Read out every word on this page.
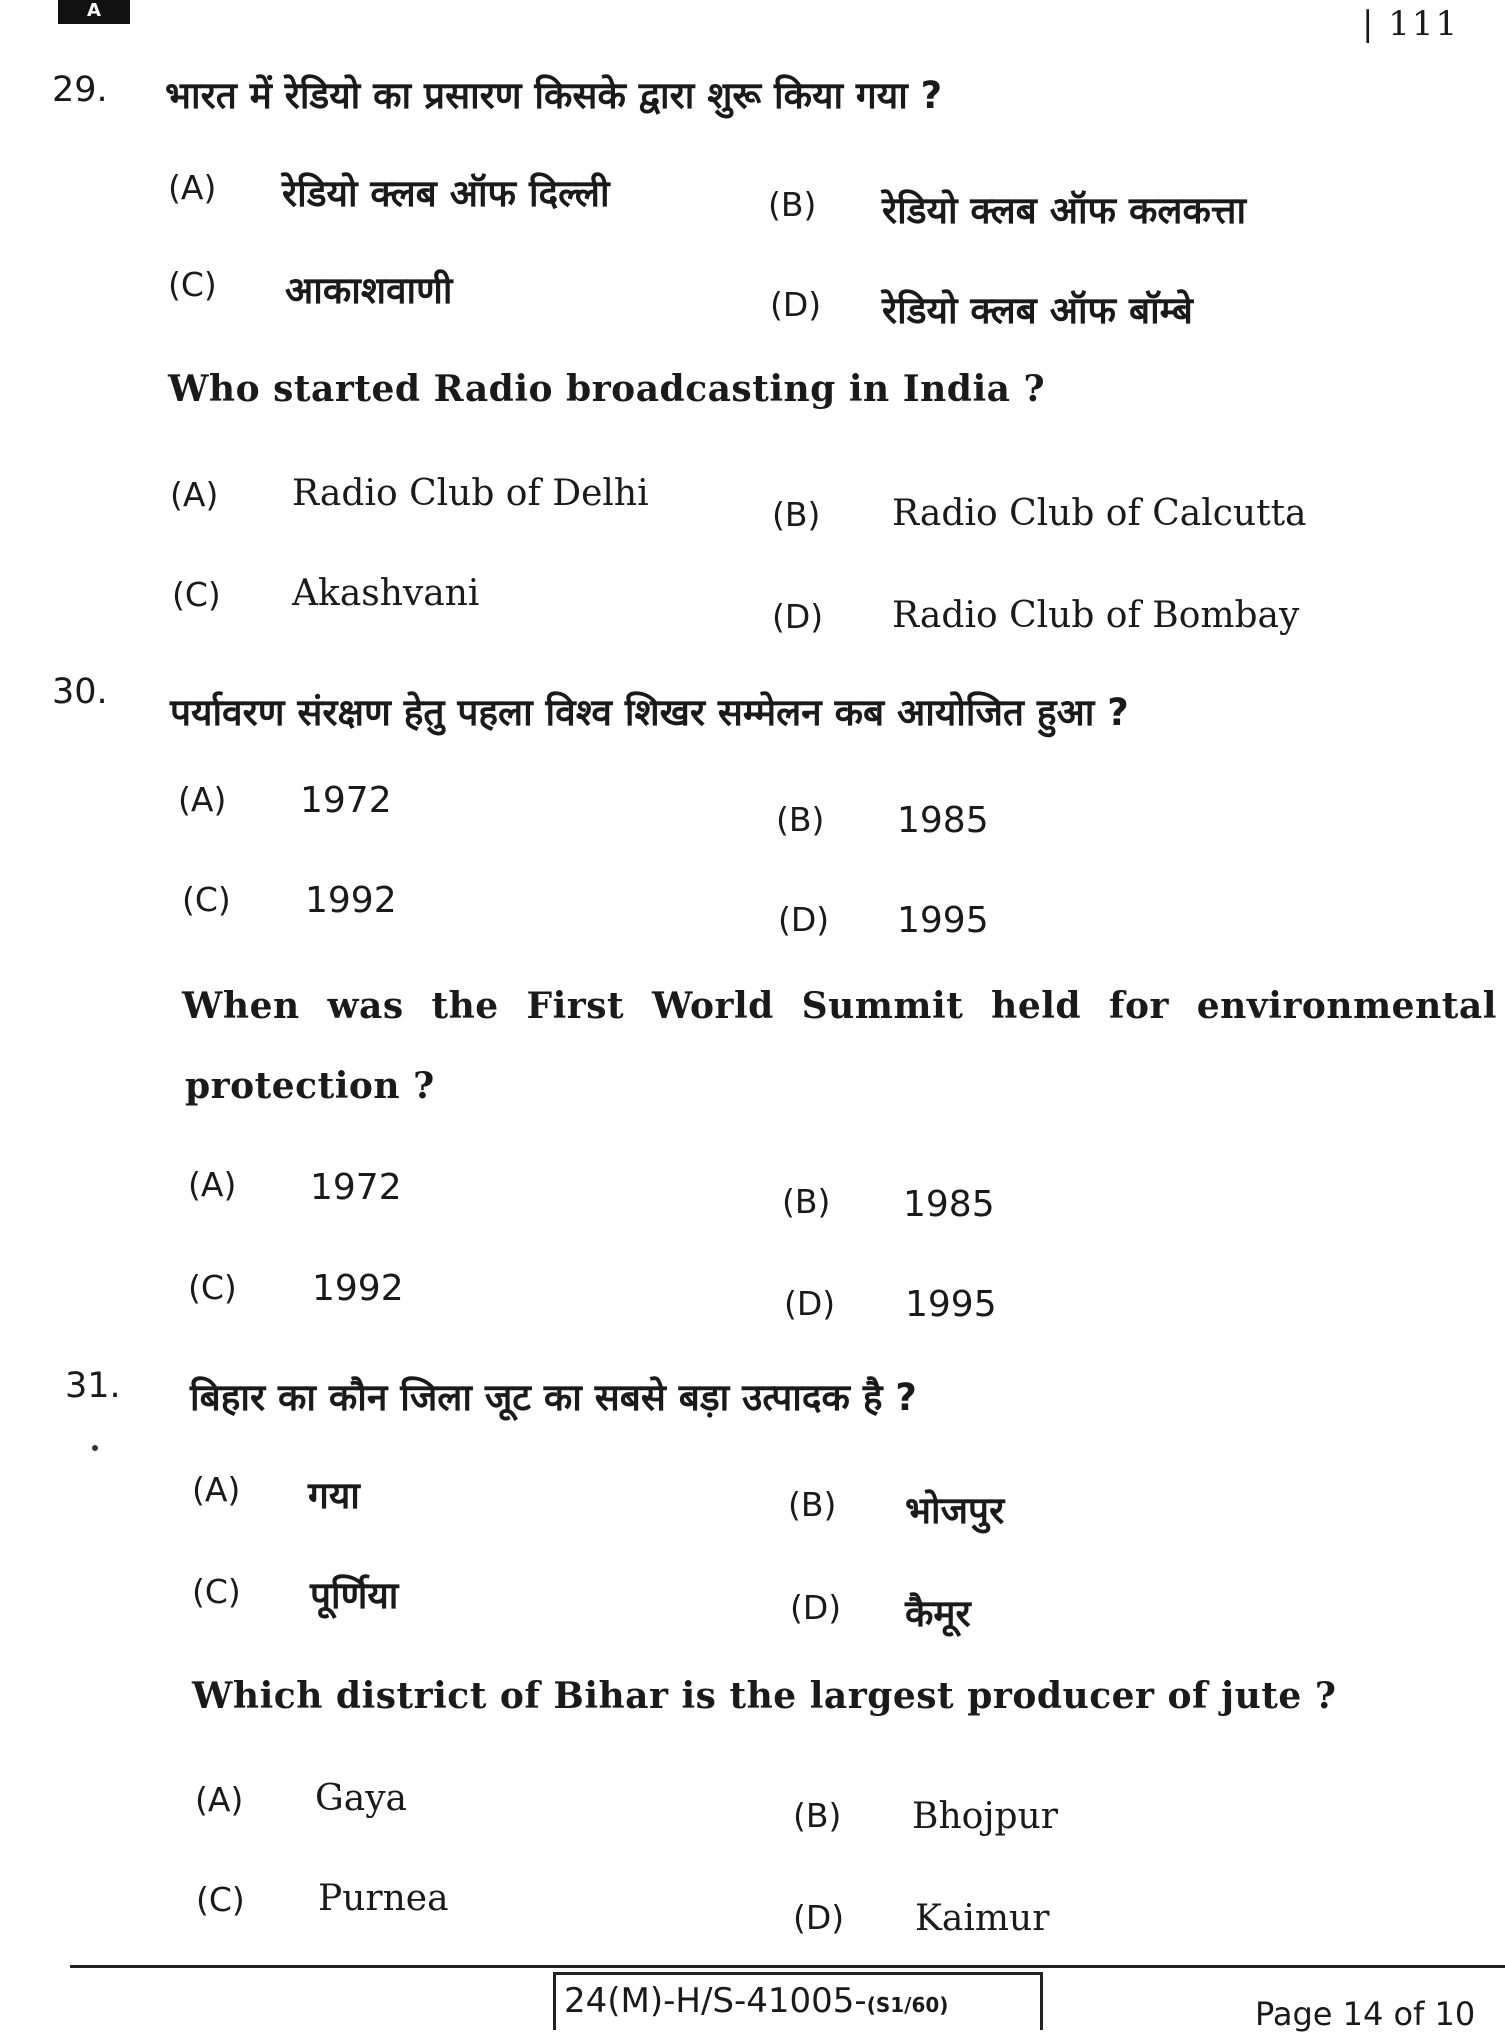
A	| 111
29. भारत में रेडियो का प्रसारण किसके द्वारा शुरू किया गया ?
(A) रेडियो क्लब ऑफ दिल्ली	(B) रेडियो क्लब ऑफ कलकत्ता
(C) आकाशवाणी	(D) रेडियो क्लब ऑफ बॉम्बे
Who started Radio broadcasting in India ?
(A) Radio Club of Delhi
(B) Radio Club of Calcutta
(C) Akashvani
(D) Radio Club of Bombay
30. पर्यावरण संरक्षण हेतु पहला विश्व शिखर सम्मेलन कब आयोजित हुआ ?
(A) 1972	(B) 1985
(C) 1992	(D) 1995
When was the First World Summit held for environmental
protection ?
(A) 1972	(B) 1985
(C) 1992	(D) 1995
31. बिहार का कौन जिला जूट का सबसे बड़ा उत्पादक है ?
(A) गया	(B) भोजपुर
(C) पूर्णिया	(D) कैमूर
Which district of Bihar is the largest producer of jute ?
(A) Gaya	(B) Bhojpur
(C) Purnea	(D) Kaimur
24(M)-H/S-41005-(S1/60)	Page 14 of 10
